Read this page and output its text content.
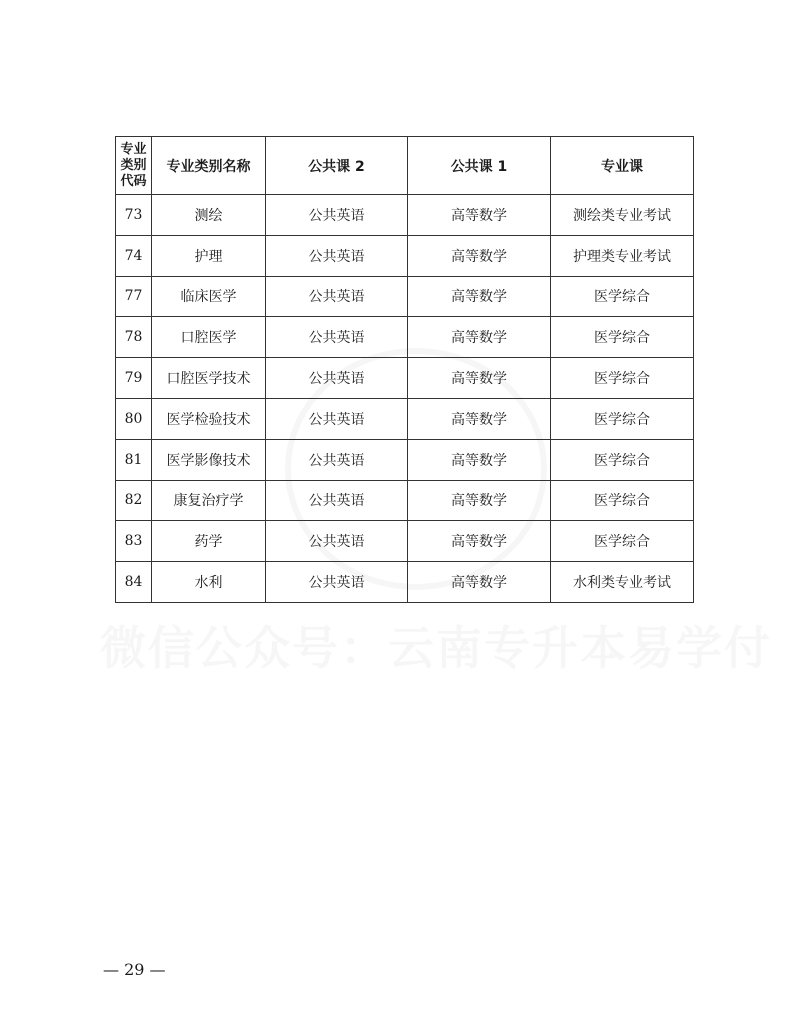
专业
类别
代码	专业类别名称	公共课 2	公共课 1	专业课
73	测绘	公共英语	高等数学	测绘类专业考试
74	护理	公共英语	高等数学	护理类专业考试
77	临床医学	公共英语	高等数学	医学综合
78	口腔医学	公共英语	高等数学	医学综合
79	口腔医学技术	公共英语	高等数学	医学综合
80	医学检验技术	公共英语	高等数学	医学综合
81	医学影像技术	公共英语	高等数学	医学综合
82	康复治疗学	公共英语	高等数学	医学综合
83	药学	公共英语	高等数学	医学综合
84	水利	公共英语	高等数学	水利类专业考试
— 29 —
